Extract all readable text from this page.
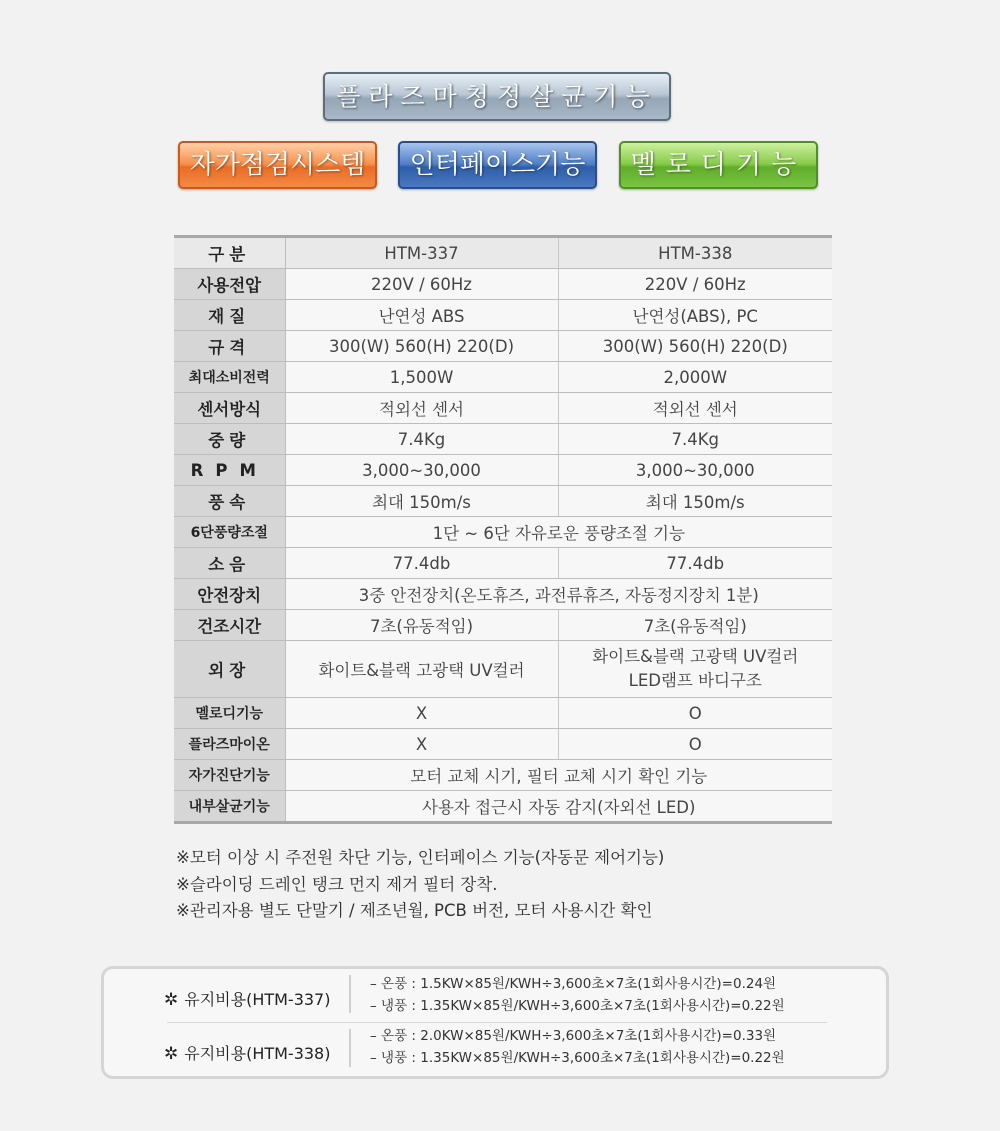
플라즈마청정살균기능
자가점검시스템	인터페이스기능	멜로디기능
구분	HTM-337	HTM-338
사용전압	220V / 60Hz	220V / 60Hz
재질	난연성 ABS	난연성(ABS), PC
규격	300(W) 560(H) 220(D)	300(W) 560(H) 220(D)
최대소비전력	1,500W	2,000W
센서방식	적외선 센서	적외선 센서
중량	7.4Kg	7.4Kg
RPM	3,000~30,000	3,000~30,000
풍속	최대 150m/s	최대 150m/s
6단풍량조절	1단 ~ 6단 자유로운 풍량조절 기능	
소음	77.4db	77.4db
안전장치	3중 안전장치(온도휴즈, 과전류휴즈, 자동정지장치 1분)	
건조시간	7초(유동적임)	7초(유동적임)
외장	화이트&블랙 고광택 UV컬러	화이트&블랙 고광택 UV컬러
LED램프 바디구조

멜로디기능	X	O
플라즈마이온	X	O
자가진단기능	모터 교체 시기, 필터 교체 시기 확인 기능	
내부살균기능	사용자 접근시 자동 감지(자외선 LED)	
※모터 이상 시 주전원 차단 기능, 인터페이스 기능(자동문 제어기능)
※슬라이딩 드레인 탱크 먼지 제거 필터 장착.
※관리자용 별도 단말기 / 제조년월, PCB 버전, 모터 사용시간 확인
✲ 유지비용(HTM-337)
– 온풍 : 1.5KW×85원/KWH÷3,600초×7초(1회사용시간)=0.24원
– 냉풍 : 1.35KW×85원/KWH÷3,600초×7초(1회사용시간)=0.22원
✲ 유지비용(HTM-338)
– 온풍 : 2.0KW×85원/KWH÷3,600초×7초(1회사용시간)=0.33원
– 냉풍 : 1.35KW×85원/KWH÷3,600초×7초(1회사용시간)=0.22원
